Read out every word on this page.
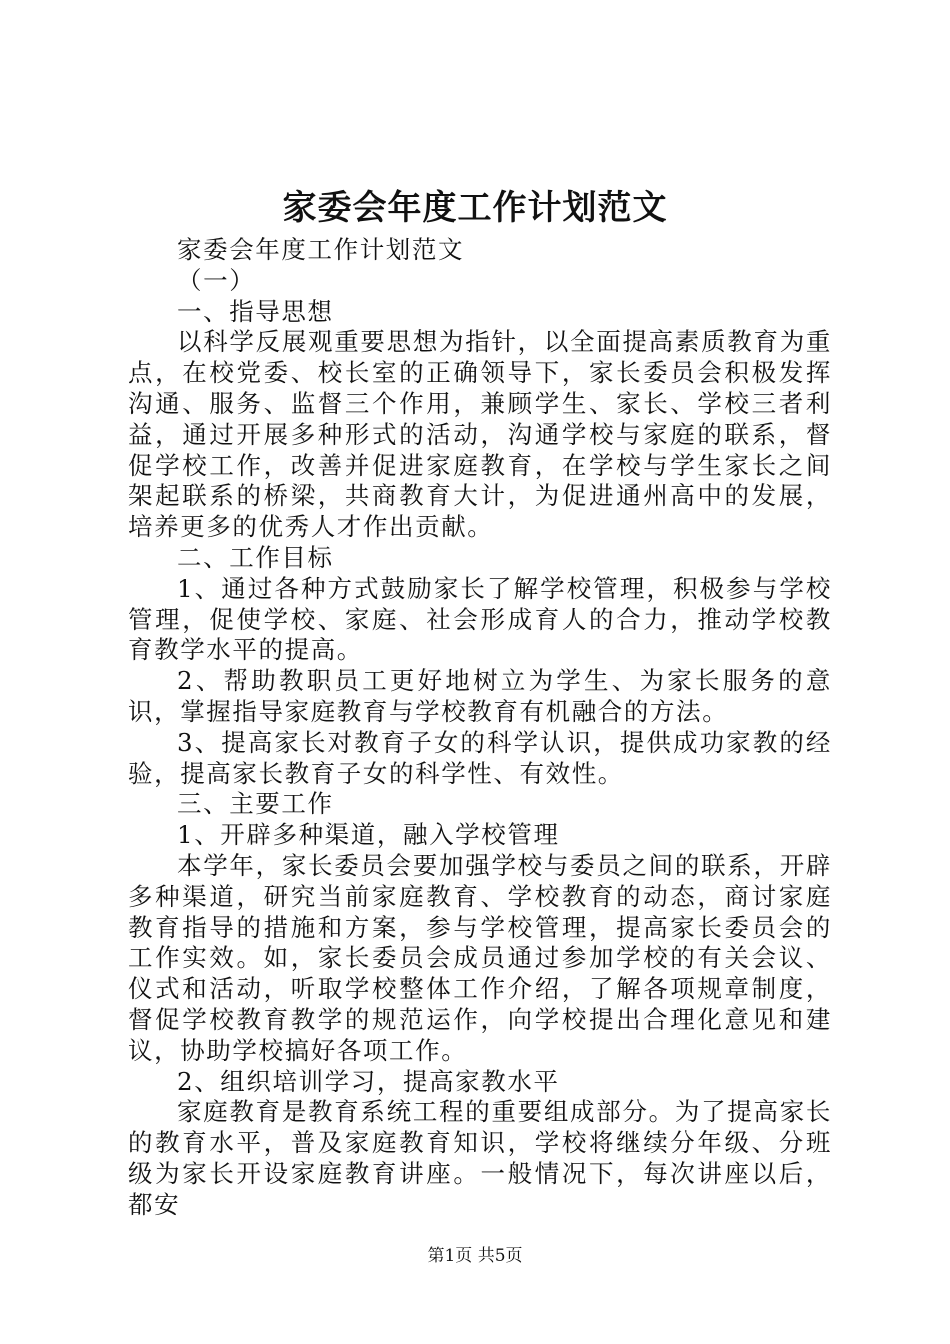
家委会年度工作计划范文

家委会年度工作计划范文

（一）

一、指导思想

以科学反展观重要思想为指针，以全面提高素质教育为重点，在校党委、校长室的正确领导下，家长委员会积极发挥沟通、服务、监督三个作用，兼顾学生、家长、学校三者利益，通过开展多种形式的活动，沟通学校与家庭的联系，督促学校工作，改善并促进家庭教育，在学校与学生家长之间架起联系的桥梁，共商教育大计，为促进通州高中的发展，培养更多的优秀人才作出贡献。

二、工作目标

1、通过各种方式鼓励家长了解学校管理，积极参与学校管理，促使学校、家庭、社会形成育人的合力，推动学校教育教学水平的提高。

2、帮助教职员工更好地树立为学生、为家长服务的意识，掌握指导家庭教育与学校教育有机融合的方法。

3、提高家长对教育子女的科学认识，提供成功家教的经验，提高家长教育子女的科学性、有效性。

三、主要工作

1、开辟多种渠道，融入学校管理

本学年，家长委员会要加强学校与委员之间的联系，开辟多种渠道，研究当前家庭教育、学校教育的动态，商讨家庭教育指导的措施和方案，参与学校管理，提高家长委员会的工作实效。如，家长委员会成员通过参加学校的有关会议、仪式和活动，听取学校整体工作介绍，了解各项规章制度，督促学校教育教学的规范运作，向学校提出合理化意见和建议，协助学校搞好各项工作。

2、组织培训学习，提高家教水平

家庭教育是教育系统工程的重要组成部分。为了提高家长的教育水平，普及家庭教育知识，学校将继续分年级、分班级为家长开设家庭教育讲座。一般情况下，每次讲座以后，都安

第1页 共5页
